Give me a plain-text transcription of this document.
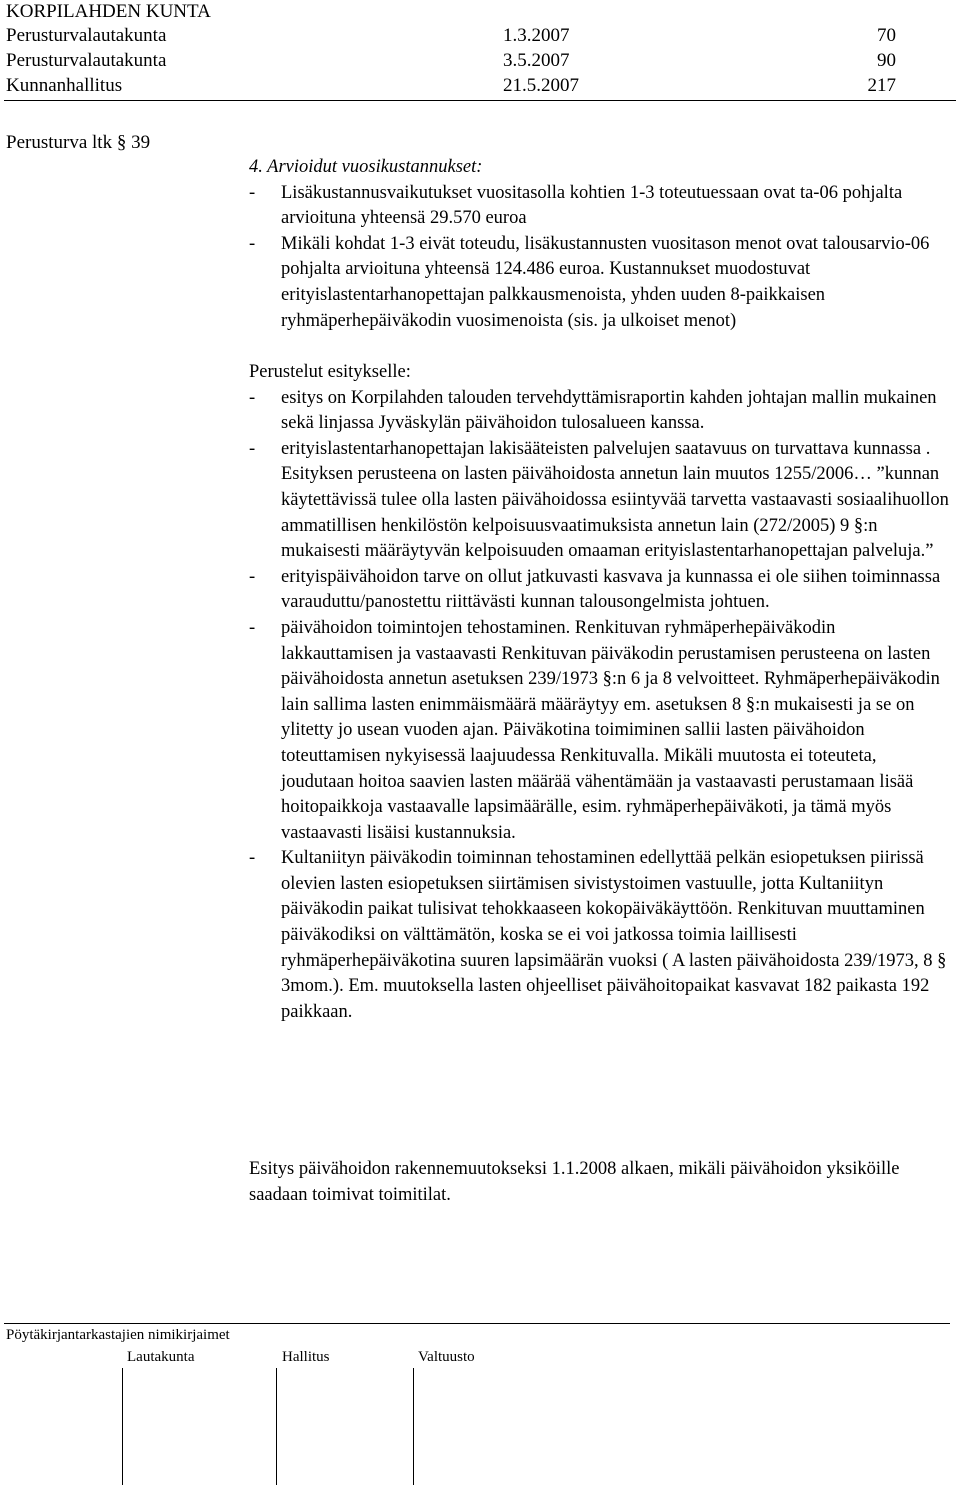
KORPILAHDEN KUNTA
Perusturvalautakunta	1.3.2007	70
Perusturvalautakunta	3.5.2007	90
Kunnanhallitus	21.5.2007	217
Perusturva ltk § 39
4. Arvioidut vuosikustannukset:
- Lisäkustannusvaikutukset vuositasolla kohtien 1-3 toteutuessaan ovat ta-06 pohjalta arvioituna yhteensä 29.570 euroa
- Mikäli kohdat 1-3 eivät toteudu, lisäkustannusten vuositason menot ovat talousarvio-06 pohjalta arvioituna yhteensä 124.486 euroa. Kustannukset muodostuvat erityislastentarhanopettajan palkkausmenoista, yhden uuden 8-paikkaisen ryhmäperhepäiväkodin vuosimenoista (sis. ja ulkoiset menot)
Perustelut esitykselle:
- esitys on Korpilahden talouden tervehdyttämisraportin kahden johtajan mallin mukainen sekä linjassa Jyväskylän päivähoidon tulosalueen kanssa.
- erityislastentarhanopettajan lakisääteisten palvelujen saatavuus on turvattava kunnassa . Esityksen perusteena on lasten päivähoidosta annetun lain muutos 1255/2006… ”kunnan käytettävissä tulee olla lasten päivähoidossa esiintyvää tarvetta vastaavasti sosiaalihuollon ammatillisen henkilöstön kelpoisuusvaatimuksista annetun lain (272/2005) 9 §:n mukaisesti määräytyvän kelpoisuuden omaaman erityislastentarhanopettajan palveluja.”
- erityispäivähoidon tarve on ollut jatkuvasti kasvava ja kunnassa ei ole siihen toiminnassa varauduttu/panostettu riittävästi kunnan talousongelmista johtuen.
- päivähoidon toimintojen tehostaminen. Renkituvan ryhmäperhepäiväkodin lakkauttamisen ja vastaavasti Renkituvan päiväkodin perustamisen perusteena on lasten päivähoidosta annetun asetuksen 239/1973 §:n 6 ja 8 velvoitteet. Ryhmäperhepäiväkodin lain sallima lasten enimmäismäärä määräytyy em. asetuksen 8 §:n mukaisesti ja se on ylitetty jo usean vuoden ajan. Päiväkotina toimiminen sallii lasten päivähoidon toteuttamisen nykyisessä laajuudessa Renkituvalla. Mikäli muutosta ei toteuteta, joudutaan hoitoa saavien lasten määrää vähentämään ja vastaavasti perustamaan lisää hoitopaikkoja vastaavalle lapsimäärälle, esim. ryhmäperhepäiväkoti, ja tämä myös vastaavasti lisäisi kustannuksia.
- Kultaniityn päiväkodin toiminnan tehostaminen edellyttää pelkän esiopetuksen piirissä olevien lasten esiopetuksen siirtämisen sivistystoimen vastuulle, jotta Kultaniityn päiväkodin paikat tulisivat tehokkaaseen kokopäiväkäyttöön. Renkituvan muuttaminen päiväkodiksi on välttämätön, koska se ei voi jatkossa toimia laillisesti ryhmäperhepäiväkotina suuren lapsimäärän vuoksi ( A lasten päivähoidosta 239/1973, 8 § 3mom.). Em. muutoksella lasten ohjeelliset päivähoitopaikat kasvavat 182 paikasta 192 paikkaan.
Esitys päivähoidon rakennemuutokseksi 1.1.2008 alkaen, mikäli päivähoidon yksiköille saadaan toimivat toimitilat.
Pöytäkirjantarkastajien nimikirjaimet
Lautakunta	Hallitus	Valtuusto
